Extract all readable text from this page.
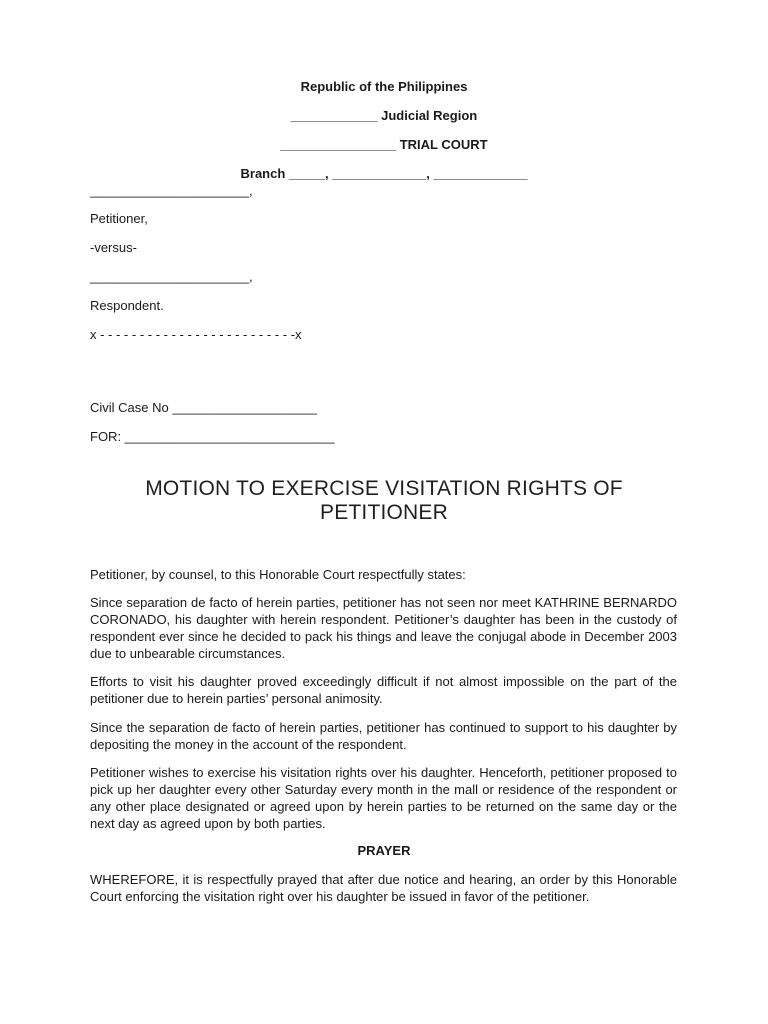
Republic of the Philippines
____________ Judicial Region
________________ TRIAL COURT
Branch _____, _____________, _____________
______________________,
Petitioner,
-versus-
______________________,
Respondent.
x - - - - - - - - - - - - - - - - - - - - - - - - -x
Civil Case No ____________________
FOR: _____________________________
MOTION TO EXERCISE VISITATION RIGHTS OF
PETITIONER

Petitioner, by counsel, to this Honorable Court respectfully states:

Since separation de facto of herein parties, petitioner has not seen nor meet KATHRINE BERNARDO CORONADO, his daughter with herein respondent. Petitioner’s daughter has been in the custody of respondent ever since he decided to pack his things and leave the conjugal abode in December 2003 due to unbearable circumstances.

Efforts to visit his daughter proved exceedingly difficult if not almost impossible on the part of the petitioner due to herein parties’ personal animosity.

Since the separation de facto of herein parties, petitioner has continued to support to his daughter by depositing the money in the account of the respondent.

Petitioner wishes to exercise his visitation rights over his daughter. Henceforth, petitioner proposed to pick up her daughter every other Saturday every month in the mall or residence of the respondent or any other place designated or agreed upon by herein parties to be returned on the same day or the next day as agreed upon by both parties.

PRAYER

WHEREFORE, it is respectfully prayed that after due notice and hearing, an order by this Honorable Court enforcing the visitation right over his daughter be issued in favor of the petitioner.
